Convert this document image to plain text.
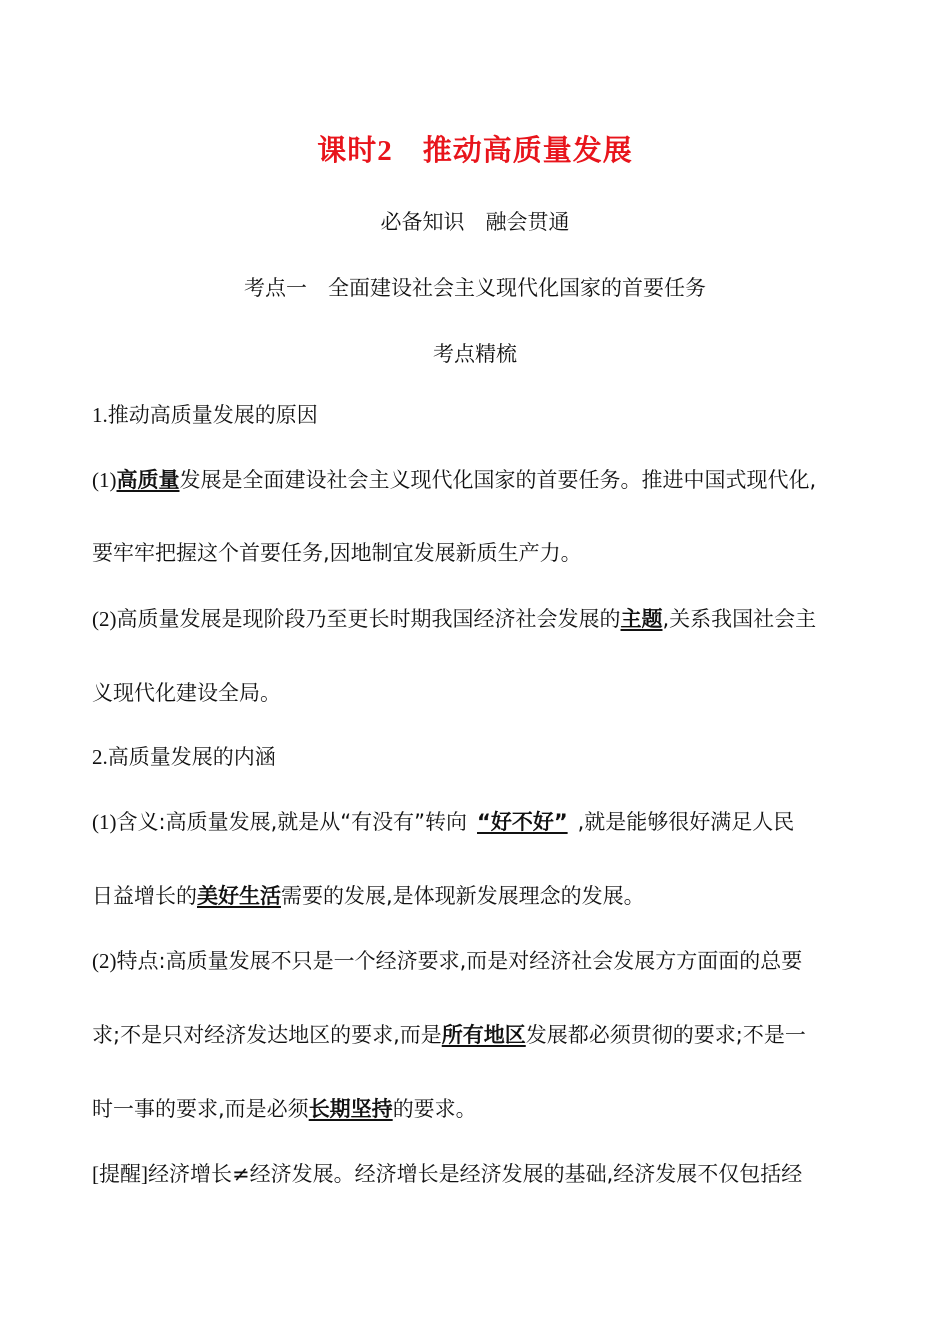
课时2　 推动高质量发展
必备知识　融会贯通
考点一　全面建设社会主义现代化国家的首要任务
考点精梳
1.推动高质量发展的原因
(1)高质量发展是全面建设社会主义现代化国家的首要任务。推进中国式现代化,
要牢牢把握这个首要任务,因地制宜发展新质生产力。
(2)高质量发展是现阶段乃至更长时期我国经济社会发展的主题,关系我国社会主
义现代化建设全局。
2.高质量发展的内涵
(1)含义:高质量发展,就是从“有没有”转向 “好不好” ,就是能够很好满足人民
日益增长的美好生活需要的发展,是体现新发展理念的发展。
(2)特点:高质量发展不只是一个经济要求,而是对经济社会发展方方面面的总要
求;不是只对经济发达地区的要求,而是所有地区发展都必须贯彻的要求;不是一
时一事的要求,而是必须长期坚持的要求。
[提醒]经济增长≠经济发展。经济增长是经济发展的基础,经济发展不仅包括经
